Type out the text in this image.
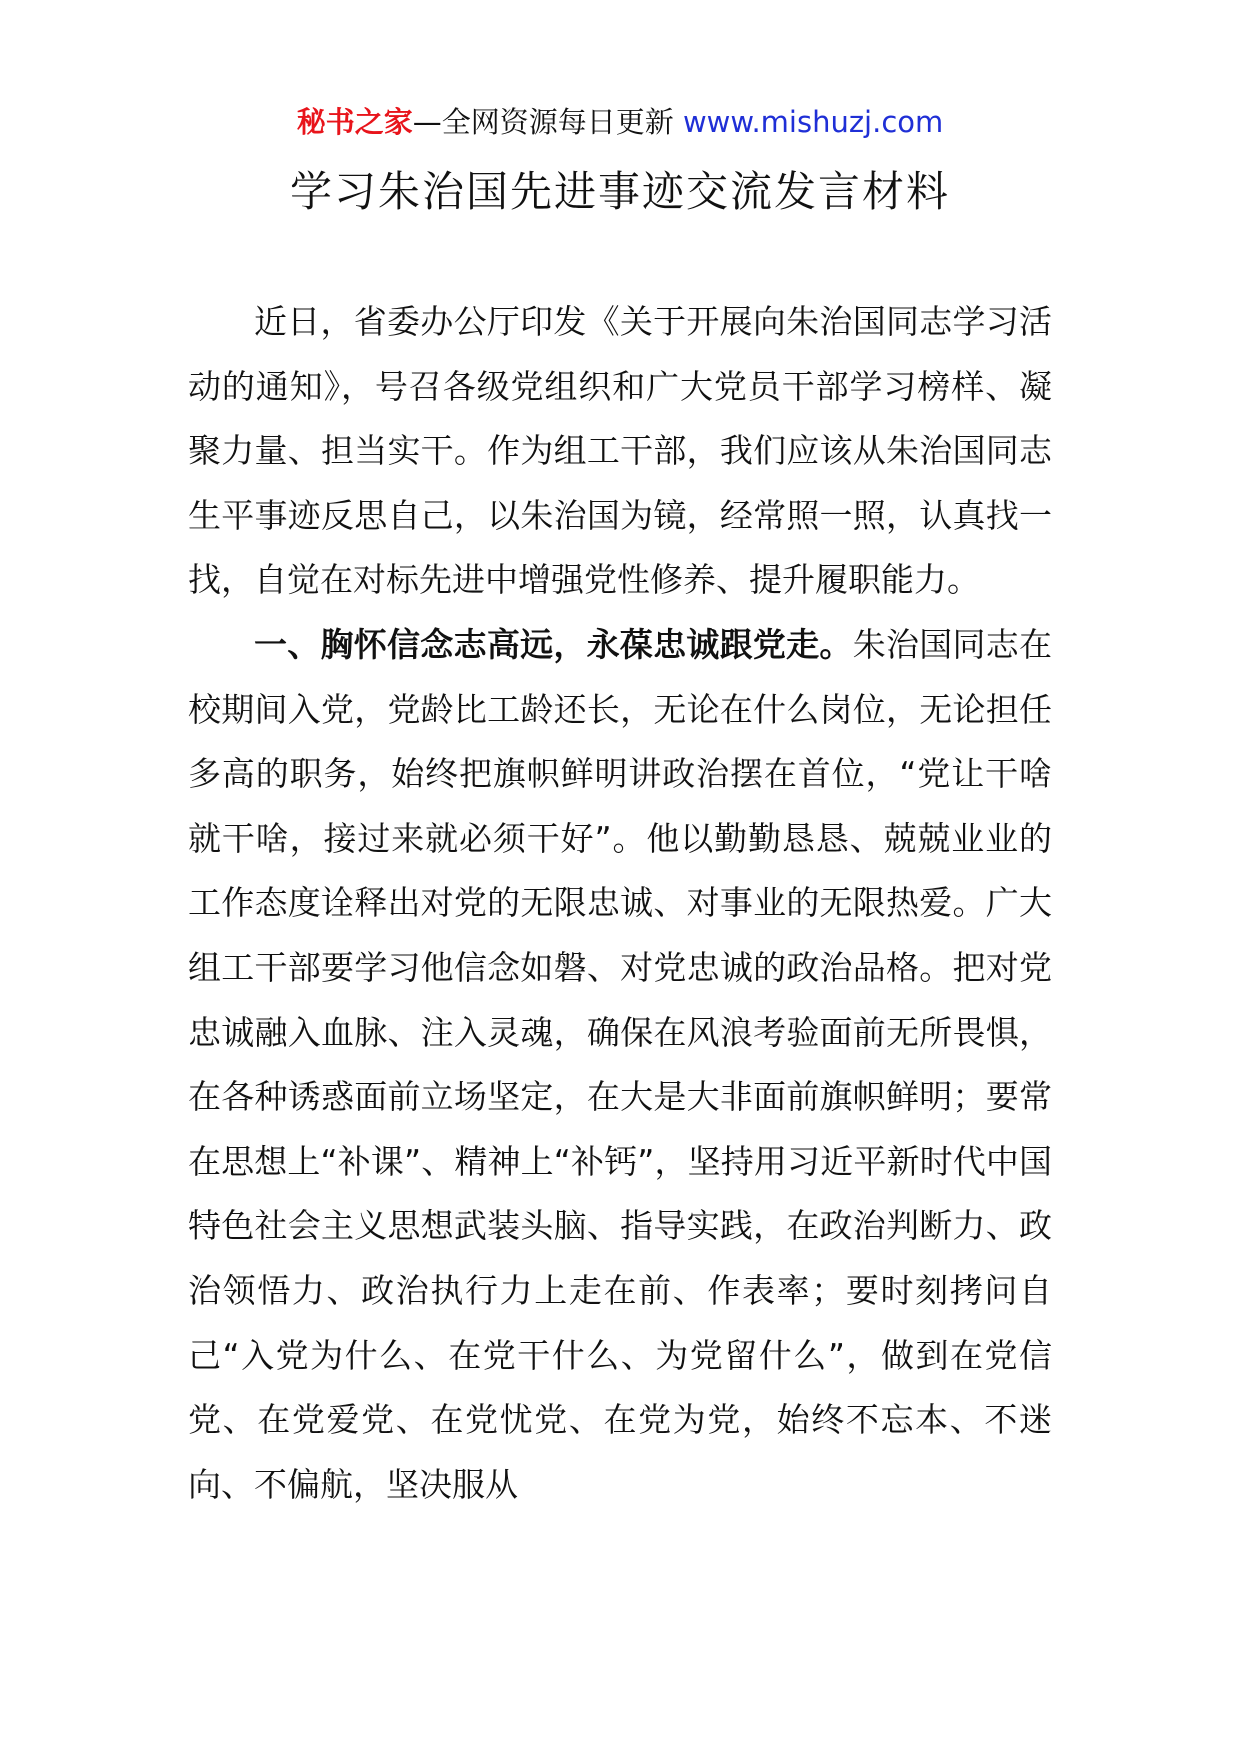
秘书之家—全网资源每日更新 www.mishuzj.com
学习朱治国先进事迹交流发言材料

近日，省委办公厅印发《关于开展向朱治国同志学习活动的通知》，号召各级党组织和广大党员干部学习榜样、凝聚力量、担当实干。作为组工干部，我们应该从朱治国同志生平事迹反思自己，以朱治国为镜，经常照一照，认真找一找，自觉在对标先进中增强党性修养、提升履职能力。

一、胸怀信念志高远，永葆忠诚跟党走。朱治国同志在校期间入党，党龄比工龄还长，无论在什么岗位，无论担任多高的职务，始终把旗帜鲜明讲政治摆在首位，“党让干啥就干啥，接过来就必须干好”。他以勤勤恳恳、兢兢业业的工作态度诠释出对党的无限忠诚、对事业的无限热爱。广大组工干部要学习他信念如磐、对党忠诚的政治品格。把对党忠诚融入血脉、注入灵魂，确保在风浪考验面前无所畏惧，在各种诱惑面前立场坚定，在大是大非面前旗帜鲜明；要常在思想上“补课”、精神上“补钙”，坚持用习近平新时代中国特色社会主义思想武装头脑、指导实践，在政治判断力、政治领悟力、政治执行力上走在前、作表率；要时刻拷问自己“入党为什么、在党干什么、为党留什么”，做到在党信党、在党爱党、在党忧党、在党为党，始终不忘本、不迷向、不偏航，坚决服从
